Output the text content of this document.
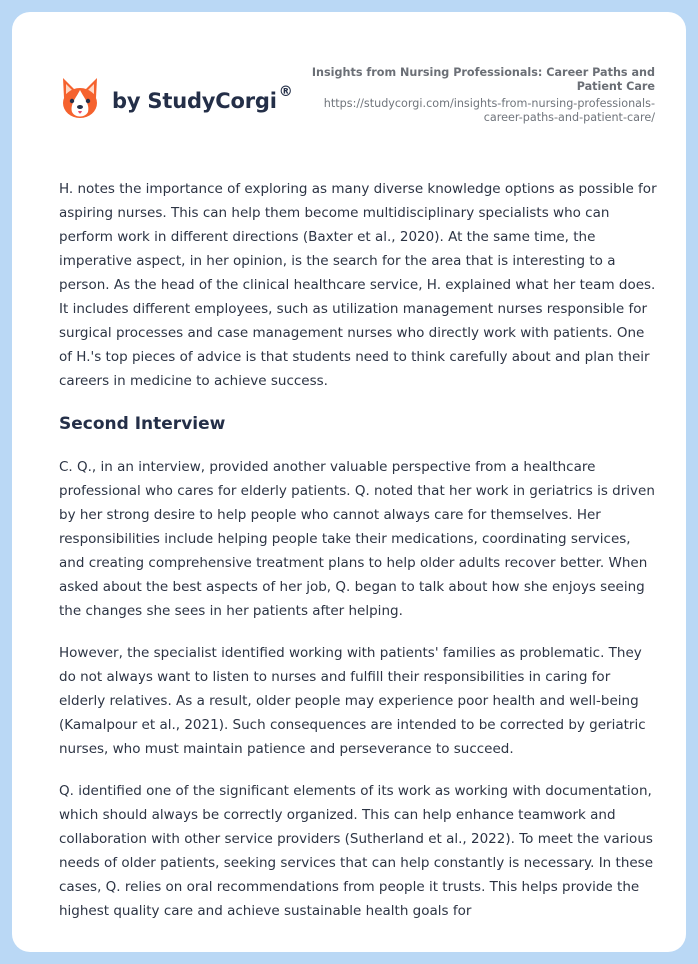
by StudyCorgi ®
Insights from Nursing Professionals: Career Paths and Patient Care
https://studycorgi.com/insights-from-nursing-professionals-career-paths-and-patient-care/

H. notes the importance of exploring as many diverse knowledge options as possible for aspiring nurses. This can help them become multidisciplinary specialists who can perform work in different directions (Baxter et al., 2020). At the same time, the imperative aspect, in her opinion, is the search for the area that is interesting to a person. As the head of the clinical healthcare service, H. explained what her team does. It includes different employees, such as utilization management nurses responsible for surgical processes and case management nurses who directly work with patients. One of H.'s top pieces of advice is that students need to think carefully about and plan their careers in medicine to achieve success.

Second Interview

C. Q., in an interview, provided another valuable perspective from a healthcare professional who cares for elderly patients. Q. noted that her work in geriatrics is driven by her strong desire to help people who cannot always care for themselves. Her responsibilities include helping people take their medications, coordinating services, and creating comprehensive treatment plans to help older adults recover better. When asked about the best aspects of her job, Q. began to talk about how she enjoys seeing the changes she sees in her patients after helping.

However, the specialist identified working with patients' families as problematic. They do not always want to listen to nurses and fulfill their responsibilities in caring for elderly relatives. As a result, older people may experience poor health and well-being (Kamalpour et al., 2021). Such consequences are intended to be corrected by geriatric nurses, who must maintain patience and perseverance to succeed.

Q. identified one of the significant elements of its work as working with documentation, which should always be correctly organized. This can help enhance teamwork and collaboration with other service providers (Sutherland et al., 2022). To meet the various needs of older patients, seeking services that can help constantly is necessary. In these cases, Q. relies on oral recommendations from people it trusts. This helps provide the highest quality care and achieve sustainable health goals for
